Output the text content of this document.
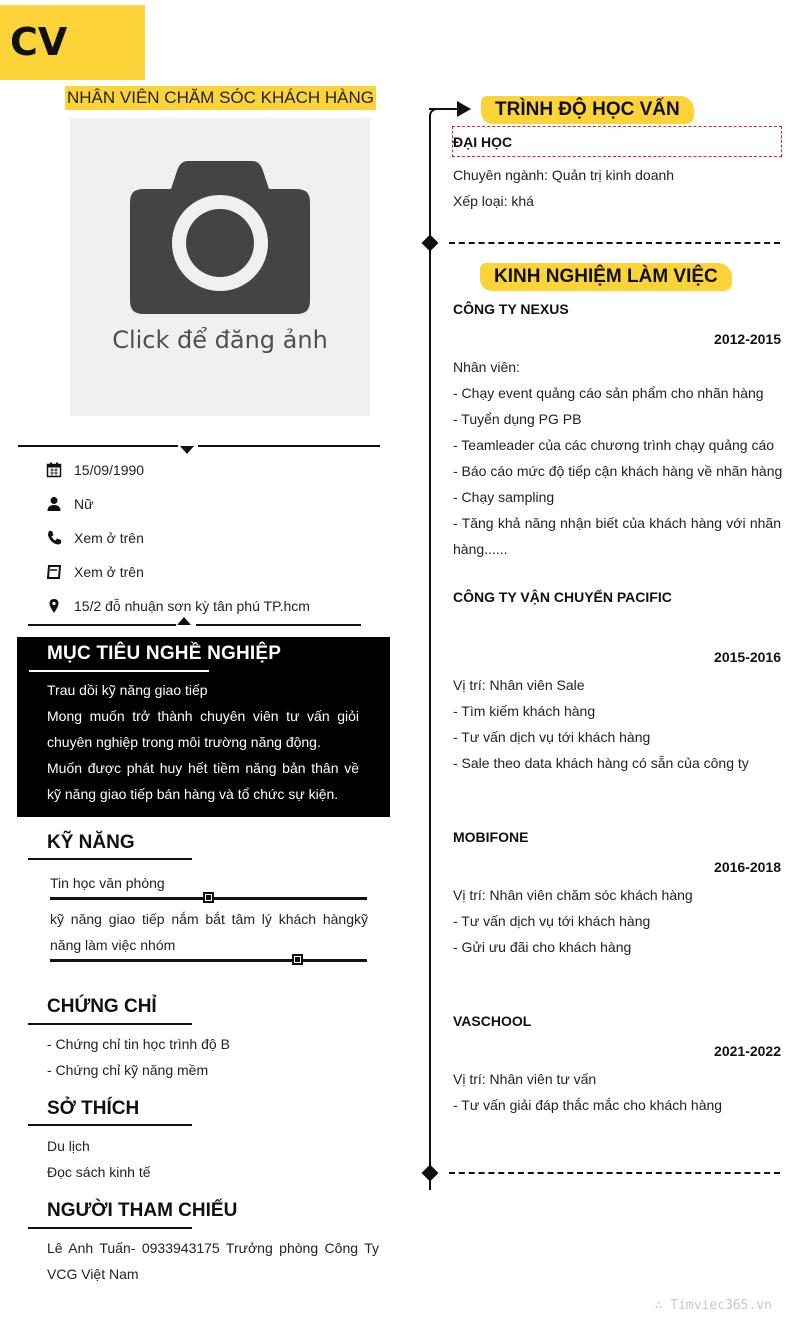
CV
NHÂN VIÊN CHĂM SÓC KHÁCH HÀNG
Click để đăng ảnh
15/09/1990
Nữ
Xem ở trên
Xem ở trên
15/2 đỗ nhuận sơn kỳ tân phú TP.hcm
MỤC TIÊU NGHỀ NGHIỆP

Trau dồi kỹ năng giao tiếp

Mong muốn trở thành chuyên viên tư vấn giỏi chuyên nghiệp trong môi trường năng động.

Muốn được phát huy hết tiềm năng bản thân về kỹ năng giao tiếp bán hàng và tổ chức sự kiện.

KỸ NĂNG
Tin học văn phòng
kỹ năng giao tiếp nắm bắt tâm lý khách hàngkỹ năng làm việc nhóm
CHỨNG CHỈ
- Chứng chỉ tin học trình độ B
- Chứng chỉ kỹ năng mềm
SỞ THÍCH
Du lịch
Đọc sách kinh tế
NGƯỜI THAM CHIẾU
Lê Anh Tuấn- 0933943175 Trưởng phòng Công Ty VCG Việt Nam
TRÌNH ĐỘ HỌC VẤN
ĐẠI HỌC
Chuyên ngành: Quản trị kinh doanh
Xếp loại: khá
KINH NGHIỆM LÀM VIỆC
CÔNG TY NEXUS
2012-2015
Nhân viên:
- Chạy event quảng cáo sản phẩm cho nhãn hàng
- Tuyển dụng PG PB
- Teamleader của các chương trình chạy quảng cáo
- Báo cáo mức độ tiếp cận khách hàng về nhãn hàng
- Chạy sampling
- Tăng khả năng nhận biết của khách hàng với nhãn
hàng......
CÔNG TY VẬN CHUYỂN PACIFIC
2015-2016
Vị trí: Nhân viên Sale
- Tìm kiếm khách hàng
- Tư vấn dịch vụ tới khách hàng
- Sale theo data khách hàng có sẵn của công ty
MOBIFONE
2016-2018
Vị trí: Nhân viên chăm sóc khách hàng
- Tư vấn dịch vụ tới khách hàng
- Gửi ưu đãi cho khách hàng
VASCHOOL
2021-2022
Vị trí: Nhân viên tư vấn
- Tư vấn giải đáp thắc mắc cho khách hàng
∴ Timviec365.vn
